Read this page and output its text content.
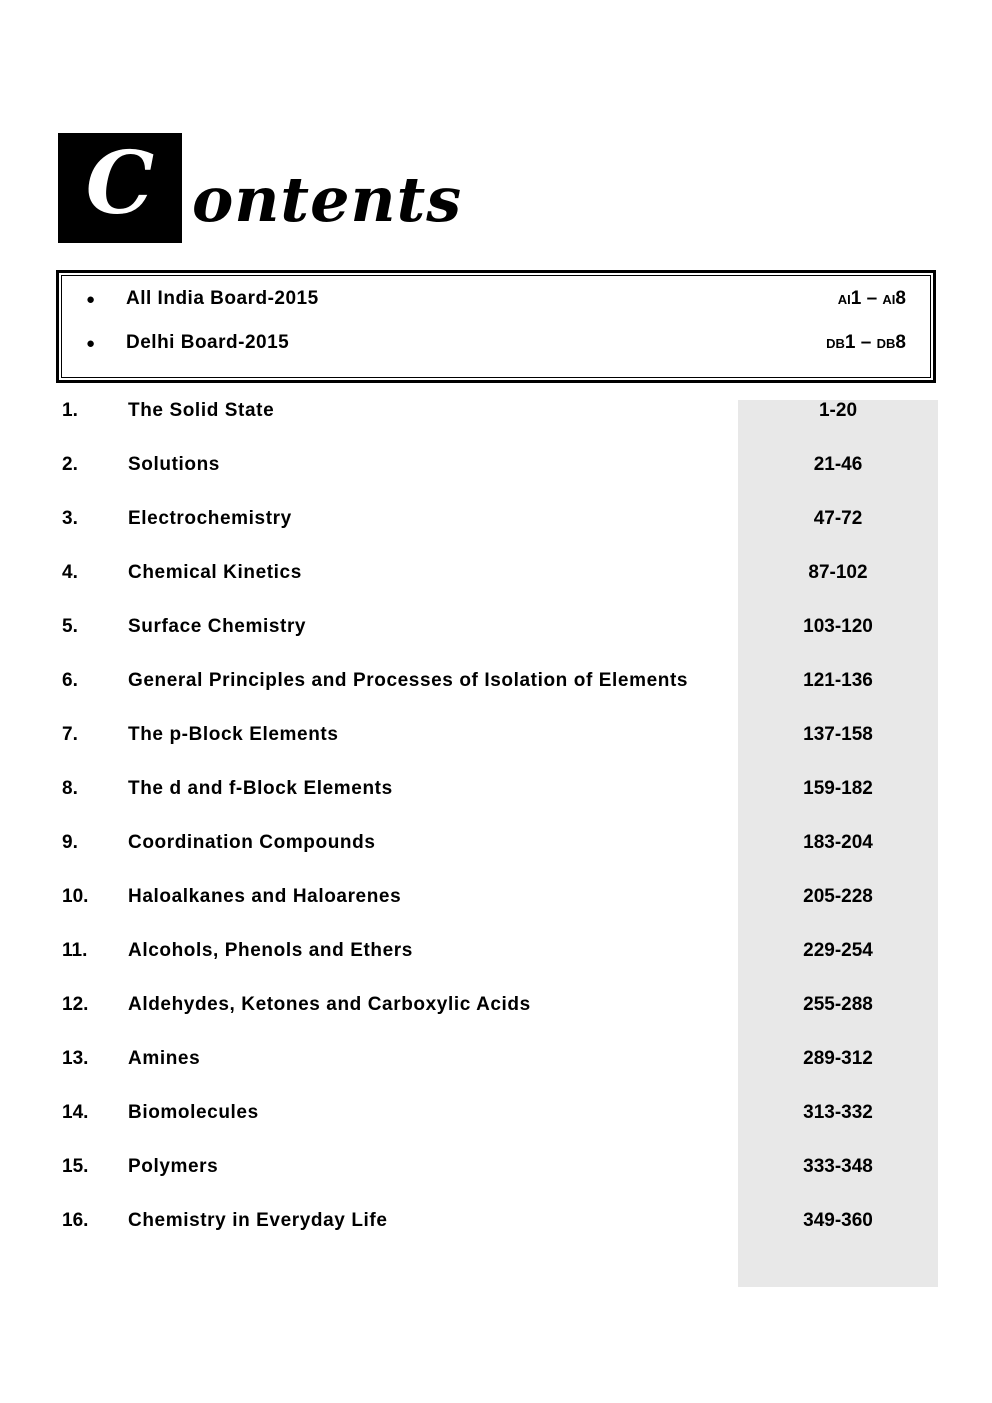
C ontents
●	All India Board-2015	AI1 – AI8
●	Delhi Board-2015	DB1 – DB8
1.	The Solid State	1-20
2.	Solutions	21-46
3.	Electrochemistry	47-72
4.	Chemical Kinetics	87-102
5.	Surface Chemistry	103-120
6.	General Principles and Processes of Isolation of Elements	121-136
7.	The p-Block Elements	137-158
8.	The d and f-Block Elements	159-182
9.	Coordination Compounds	183-204
10.	Haloalkanes and Haloarenes	205-228
11.	Alcohols, Phenols and Ethers	229-254
12.	Aldehydes, Ketones and Carboxylic Acids	255-288
13.	Amines	289-312
14.	Biomolecules	313-332
15.	Polymers	333-348
16.	Chemistry in Everyday Life	349-360
